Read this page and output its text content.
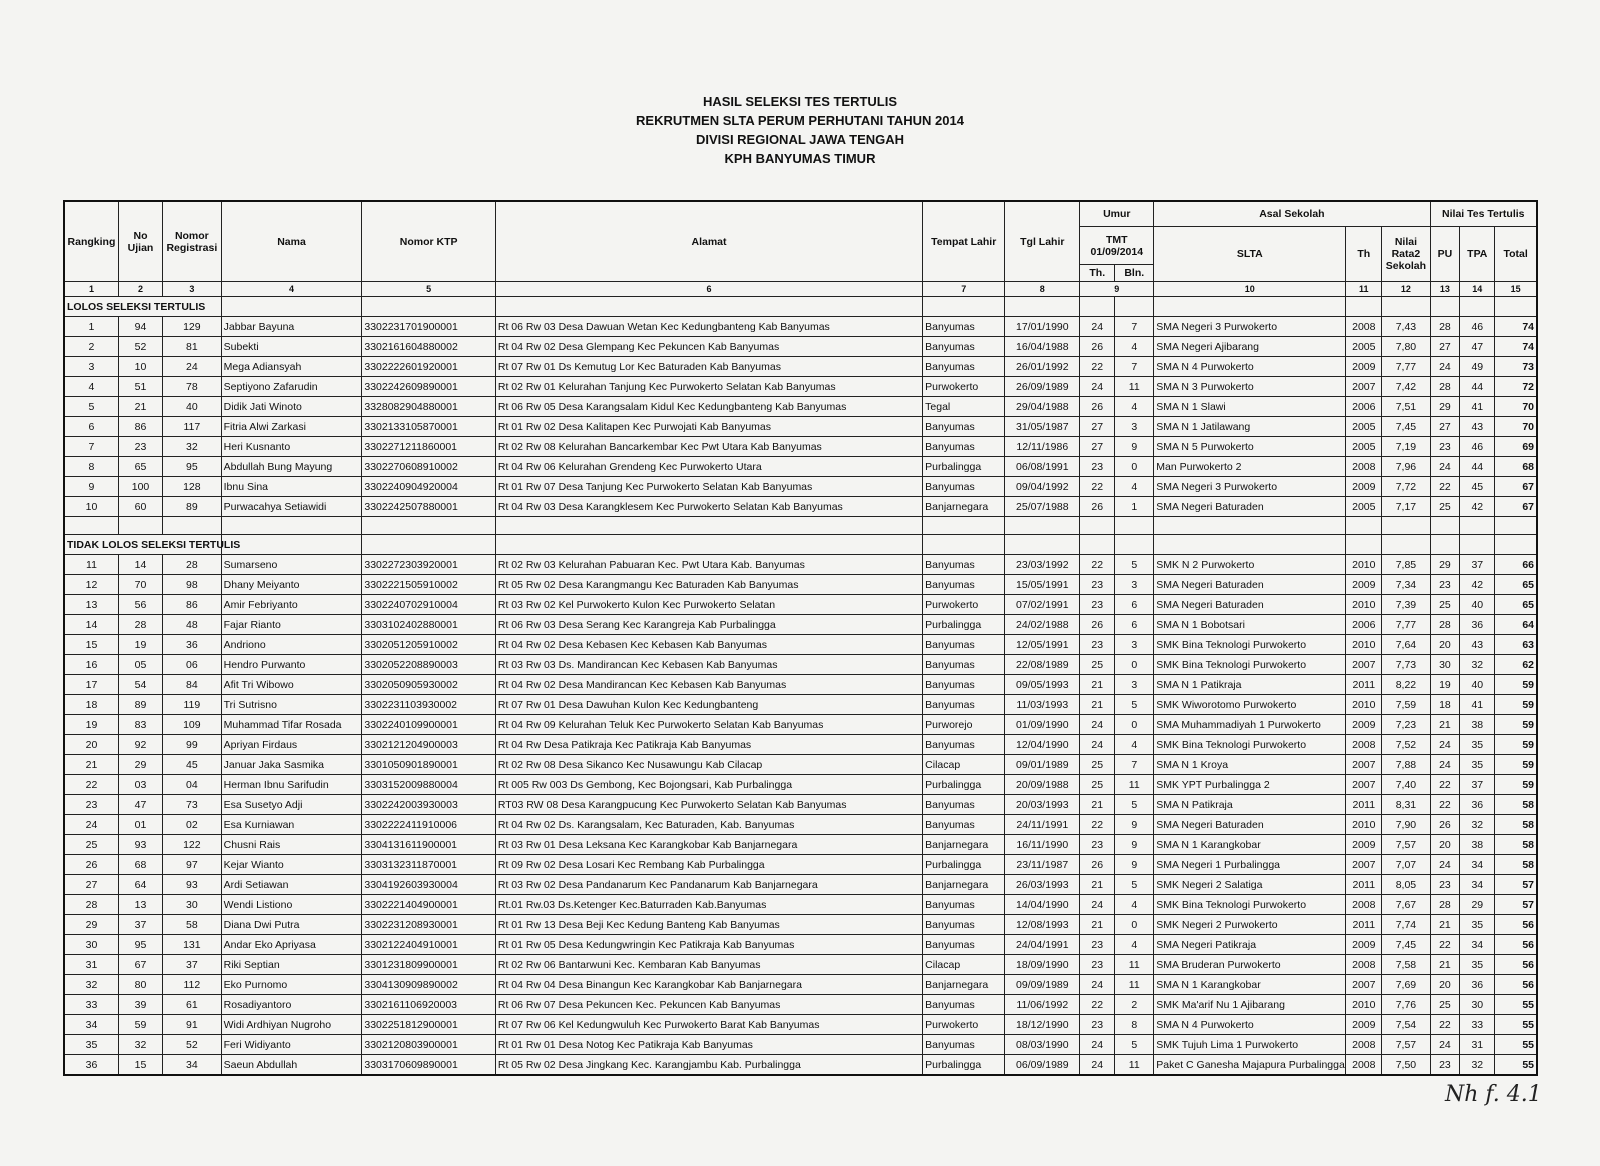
HASIL SELEKSI TES TERTULIS
REKRUTMEN SLTA PERUM PERHUTANI TAHUN 2014
DIVISI REGIONAL JAWA TENGAH
KPH BANYUMAS TIMUR
Rangking	No Ujian	Nomor Registrasi	Nama	Nomor KTP	Alamat	Tempat Lahir	Tgl Lahir	Umur		Asal Sekolah			Nilai Tes Tertulis		
								TMT 01/09/2014		SLTA	Th	Nilai Rata2 Sekolah	PU	TPA	Total
								Th.	Bln.						
1	2	3	4	5	6	7	8	9		10	11	12	13	14	15
LOLOS SELEKSI TERTULIS															
1	94	129	Jabbar Bayuna	3302231701900001	Rt 06 Rw 03 Desa Dawuan Wetan Kec Kedungbanteng Kab Banyumas	Banyumas	17/01/1990	24	7	SMA Negeri 3 Purwokerto	2008	7,43	28	46	74
2	52	81	Subekti	3302161604880002	Rt 04 Rw 02 Desa Glempang Kec Pekuncen Kab Banyumas	Banyumas	16/04/1988	26	4	SMA Negeri Ajibarang	2005	7,80	27	47	74
3	10	24	Mega Adiansyah	3302222601920001	Rt 07 Rw 01 Ds Kemutug Lor Kec Baturaden Kab Banyumas	Banyumas	26/01/1992	22	7	SMA N 4 Purwokerto	2009	7,77	24	49	73
4	51	78	Septiyono Zafarudin	3302242609890001	Rt 02 Rw 01 Kelurahan Tanjung Kec Purwokerto Selatan Kab Banyumas	Purwokerto	26/09/1989	24	11	SMA N 3 Purwokerto	2007	7,42	28	44	72
5	21	40	Didik Jati Winoto	3328082904880001	Rt 06 Rw 05 Desa Karangsalam Kidul Kec Kedungbanteng Kab Banyumas	Tegal	29/04/1988	26	4	SMA N 1 Slawi	2006	7,51	29	41	70
6	86	117	Fitria Alwi Zarkasi	3302133105870001	Rt 01 Rw 02 Desa Kalitapen Kec Purwojati Kab Banyumas	Banyumas	31/05/1987	27	3	SMA N 1 Jatilawang	2005	7,45	27	43	70
7	23	32	Heri Kusnanto	3302271211860001	Rt 02 Rw 08 Kelurahan Bancarkembar Kec Pwt Utara Kab Banyumas	Banyumas	12/11/1986	27	9	SMA N 5 Purwokerto	2005	7,19	23	46	69
8	65	95	Abdullah Bung Mayung	3302270608910002	Rt 04 Rw 06 Kelurahan Grendeng Kec Purwokerto Utara	Purbalingga	06/08/1991	23	0	Man Purwokerto 2	2008	7,96	24	44	68
9	100	128	Ibnu Sina	3302240904920004	Rt 01 Rw 07 Desa Tanjung Kec Purwokerto Selatan Kab Banyumas	Banyumas	09/04/1992	22	4	SMA Negeri 3 Purwokerto	2009	7,72	22	45	67
10	60	89	Purwacahya Setiawidi	3302242507880001	Rt 04 Rw 03 Desa Karangklesem Kec Purwokerto Selatan Kab Banyumas	Banjarnegara	25/07/1988	26	1	SMA Negeri Baturaden	2005	7,17	25	42	67

TIDAK LOLOS SELEKSI TERTULIS															
11	14	28	Sumarseno	3302272303920001	Rt 02 Rw 03 Kelurahan Pabuaran Kec. Pwt Utara Kab. Banyumas	Banyumas	23/03/1992	22	5	SMK N 2 Purwokerto	2010	7,85	29	37	66
12	70	98	Dhany Meiyanto	3302221505910002	Rt 05 Rw 02 Desa Karangmangu Kec Baturaden Kab Banyumas	Banyumas	15/05/1991	23	3	SMA Negeri Baturaden	2009	7,34	23	42	65
13	56	86	Amir Febriyanto	3302240702910004	Rt 03 Rw 02 Kel Purwokerto Kulon Kec Purwokerto Selatan	Purwokerto	07/02/1991	23	6	SMA Negeri Baturaden	2010	7,39	25	40	65
14	28	48	Fajar Rianto	3303102402880001	Rt 06 Rw 03 Desa Serang Kec Karangreja Kab Purbalingga	Purbalingga	24/02/1988	26	6	SMA N 1 Bobotsari	2006	7,77	28	36	64
15	19	36	Andriono	3302051205910002	Rt 04 Rw 02 Desa Kebasen Kec Kebasen Kab Banyumas	Banyumas	12/05/1991	23	3	SMK Bina Teknologi Purwokerto	2010	7,64	20	43	63
16	05	06	Hendro Purwanto	3302052208890003	Rt 03 Rw 03 Ds. Mandirancan Kec Kebasen Kab Banyumas	Banyumas	22/08/1989	25	0	SMK Bina Teknologi Purwokerto	2007	7,73	30	32	62
17	54	84	Afit Tri Wibowo	3302050905930002	Rt 04 Rw 02 Desa Mandirancan Kec Kebasen Kab Banyumas	Banyumas	09/05/1993	21	3	SMA N 1 Patikraja	2011	8,22	19	40	59
18	89	119	Tri Sutrisno	3302231103930002	Rt 07 Rw 01 Desa Dawuhan Kulon Kec Kedungbanteng	Banyumas	11/03/1993	21	5	SMK Wiworotomo Purwokerto	2010	7,59	18	41	59
19	83	109	Muhammad Tifar Rosada	3302240109900001	Rt 04 Rw 09 Kelurahan Teluk Kec Purwokerto Selatan Kab Banyumas	Purworejo	01/09/1990	24	0	SMA Muhammadiyah 1 Purwokerto	2009	7,23	21	38	59
20	92	99	Apriyan Firdaus	3302121204900003	Rt 04 Rw Desa Patikraja Kec Patikraja Kab Banyumas	Banyumas	12/04/1990	24	4	SMK Bina Teknologi Purwokerto	2008	7,52	24	35	59
21	29	45	Januar Jaka Sasmika	3301050901890001	Rt 02 Rw 08 Desa Sikanco Kec Nusawungu Kab Cilacap	Cilacap	09/01/1989	25	7	SMA N 1 Kroya	2007	7,88	24	35	59
22	03	04	Herman Ibnu Sarifudin	3303152009880004	Rt 005 Rw 003 Ds Gembong, Kec Bojongsari, Kab Purbalingga	Purbalingga	20/09/1988	25	11	SMK YPT Purbalingga 2	2007	7,40	22	37	59
23	47	73	Esa Susetyo Adji	3302242003930003	RT03 RW 08 Desa Karangpucung Kec Purwokerto Selatan Kab Banyumas	Banyumas	20/03/1993	21	5	SMA N Patikraja	2011	8,31	22	36	58
24	01	02	Esa Kurniawan	3302222411910006	Rt 04 Rw 02 Ds. Karangsalam, Kec Baturaden, Kab. Banyumas	Banyumas	24/11/1991	22	9	SMA Negeri Baturaden	2010	7,90	26	32	58
25	93	122	Chusni Rais	3304131611900001	Rt 03 Rw 01 Desa Leksana Kec Karangkobar Kab Banjarnegara	Banjarnegara	16/11/1990	23	9	SMA N 1 Karangkobar	2009	7,57	20	38	58
26	68	97	Kejar Wianto	3303132311870001	Rt 09 Rw 02 Desa Losari Kec Rembang Kab Purbalingga	Purbalingga	23/11/1987	26	9	SMA Negeri 1 Purbalingga	2007	7,07	24	34	58
27	64	93	Ardi Setiawan	3304192603930004	Rt 03 Rw 02 Desa Pandanarum Kec Pandanarum Kab Banjarnegara	Banjarnegara	26/03/1993	21	5	SMK Negeri 2 Salatiga	2011	8,05	23	34	57
28	13	30	Wendi Listiono	3302221404900001	Rt.01 Rw.03 Ds.Ketenger Kec.Baturraden Kab.Banyumas	Banyumas	14/04/1990	24	4	SMK Bina Teknologi Purwokerto	2008	7,67	28	29	57
29	37	58	Diana Dwi Putra	3302231208930001	Rt 01 Rw 13 Desa Beji Kec Kedung Banteng Kab Banyumas	Banyumas	12/08/1993	21	0	SMK Negeri 2 Purwokerto	2011	7,74	21	35	56
30	95	131	Andar Eko Apriyasa	3302122404910001	Rt 01 Rw 05 Desa Kedungwringin Kec Patikraja Kab Banyumas	Banyumas	24/04/1991	23	4	SMA Negeri Patikraja	2009	7,45	22	34	56
31	67	37	Riki Septian	3301231809900001	Rt 02 Rw 06 Bantarwuni Kec. Kembaran Kab Banyumas	Cilacap	18/09/1990	23	11	SMA Bruderan Purwokerto	2008	7,58	21	35	56
32	80	112	Eko Purnomo	3304130909890002	Rt 04 Rw 04 Desa Binangun Kec Karangkobar Kab Banjarnegara	Banjarnegara	09/09/1989	24	11	SMA N 1 Karangkobar	2007	7,69	20	36	56
33	39	61	Rosadiyantoro	3302161106920003	Rt 06 Rw 07 Desa Pekuncen Kec. Pekuncen Kab Banyumas	Banyumas	11/06/1992	22	2	SMK Ma'arif Nu 1 Ajibarang	2010	7,76	25	30	55
34	59	91	Widi Ardhiyan Nugroho	3302251812900001	Rt 07 Rw 06 Kel Kedungwuluh Kec Purwokerto Barat Kab Banyumas	Purwokerto	18/12/1990	23	8	SMA N 4 Purwokerto	2009	7,54	22	33	55
35	32	52	Feri Widiyanto	3302120803900001	Rt 01 Rw 01 Desa Notog Kec Patikraja Kab Banyumas	Banyumas	08/03/1990	24	5	SMK Tujuh Lima 1 Purwokerto	2008	7,57	24	31	55
36	15	34	Saeun Abdullah	3303170609890001	Rt 05 Rw 02 Desa Jingkang Kec. Karangjambu Kab. Purbalingga	Purbalingga	06/09/1989	24	11	Paket C Ganesha Majapura Purbalingga	2008	7,50	23	32	55
Nh f. 4.1
